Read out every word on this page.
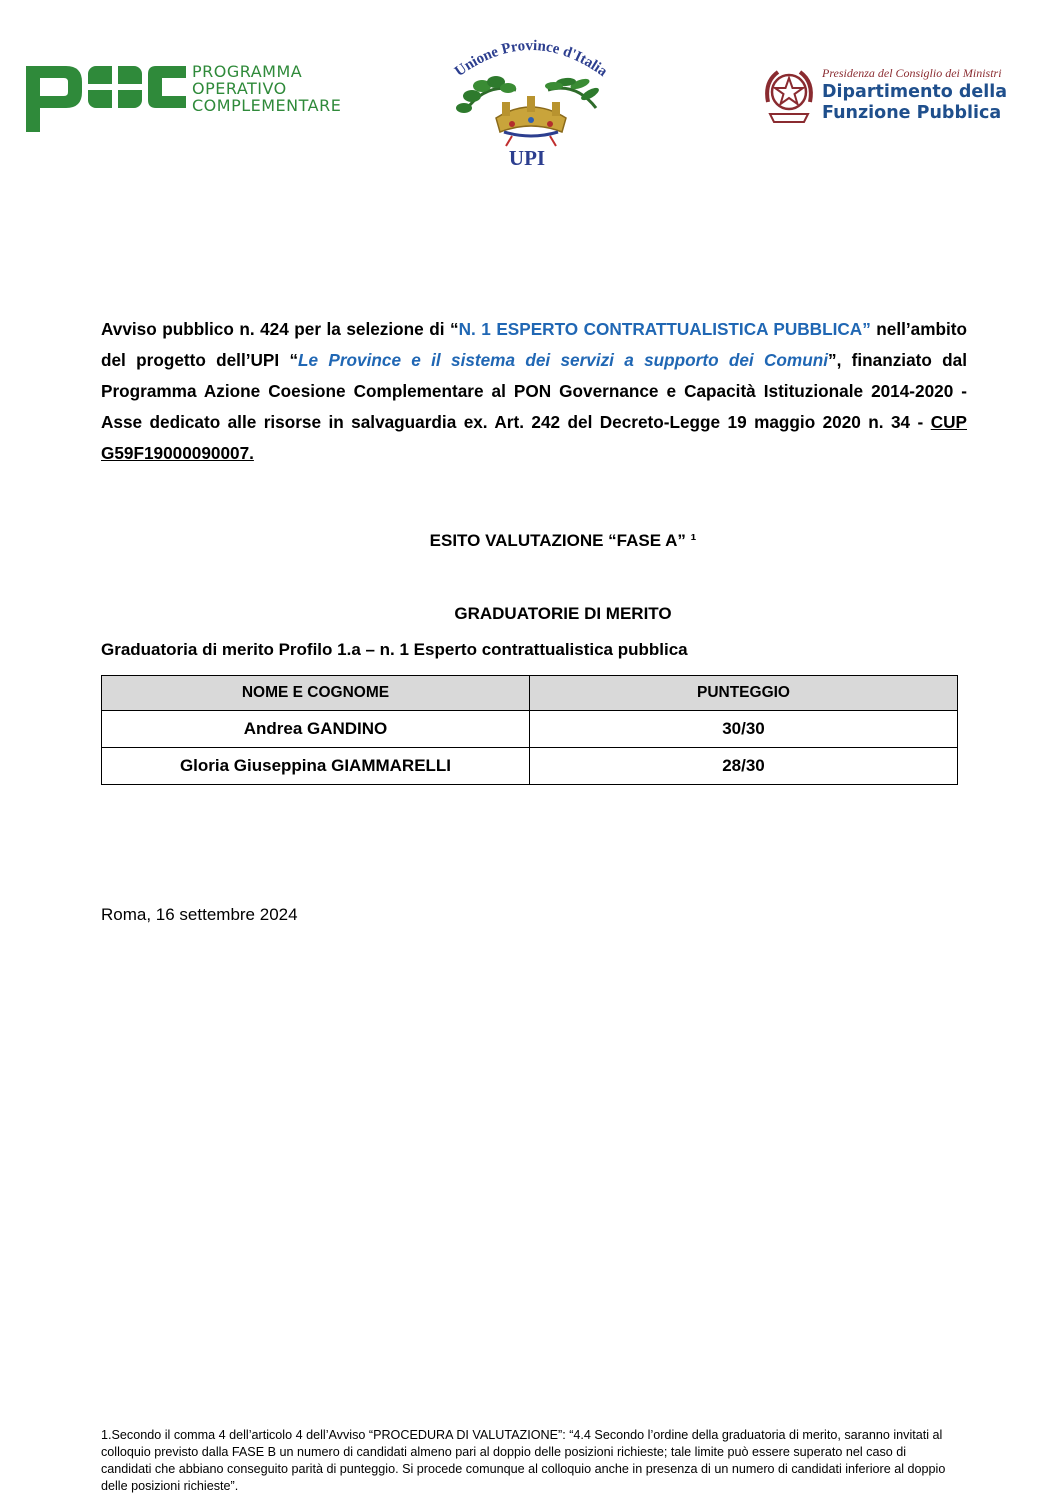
PROGRAMMA
OPERATIVO
COMPLEMENTARE
Unione Province d'Italia
UPI
Presidenza del Consiglio dei Ministri
Dipartimento della
Funzione Pubblica
Avviso pubblico n. 424 per la selezione di “N. 1 ESPERTO CONTRATTUALISTICA PUBBLICA” nell’ambito del progetto dell’UPI “Le Province e il sistema dei servizi a supporto dei Comuni”, finanziato dal Programma Azione Coesione Complementare al PON Governance e Capacità Istituzionale 2014-2020 - Asse dedicato alle risorse in salvaguardia ex. Art. 242 del Decreto-Legge 19 maggio 2020 n. 34 - CUP G59F19000090007.
ESITO VALUTAZIONE “FASE A” ¹
GRADUATORIE DI MERITO
Graduatoria di merito Profilo 1.a – n. 1 Esperto contrattualistica pubblica
NOME E COGNOME	PUNTEGGIO
Andrea GANDINO	30/30
Gloria Giuseppina GIAMMARELLI	28/30
Roma, 16 settembre 2024
1.Secondo il comma 4 dell’articolo 4 dell’Avviso “PROCEDURA DI VALUTAZIONE”: “4.4 Secondo l’ordine della graduatoria di merito, saranno invitati al colloquio previsto dalla FASE B un numero di candidati almeno pari al doppio delle posizioni richieste; tale limite può essere superato nel caso di candidati che abbiano conseguito parità di punteggio. Si procede comunque al colloquio anche in presenza di un numero di candidati inferiore al doppio delle posizioni richieste”.
